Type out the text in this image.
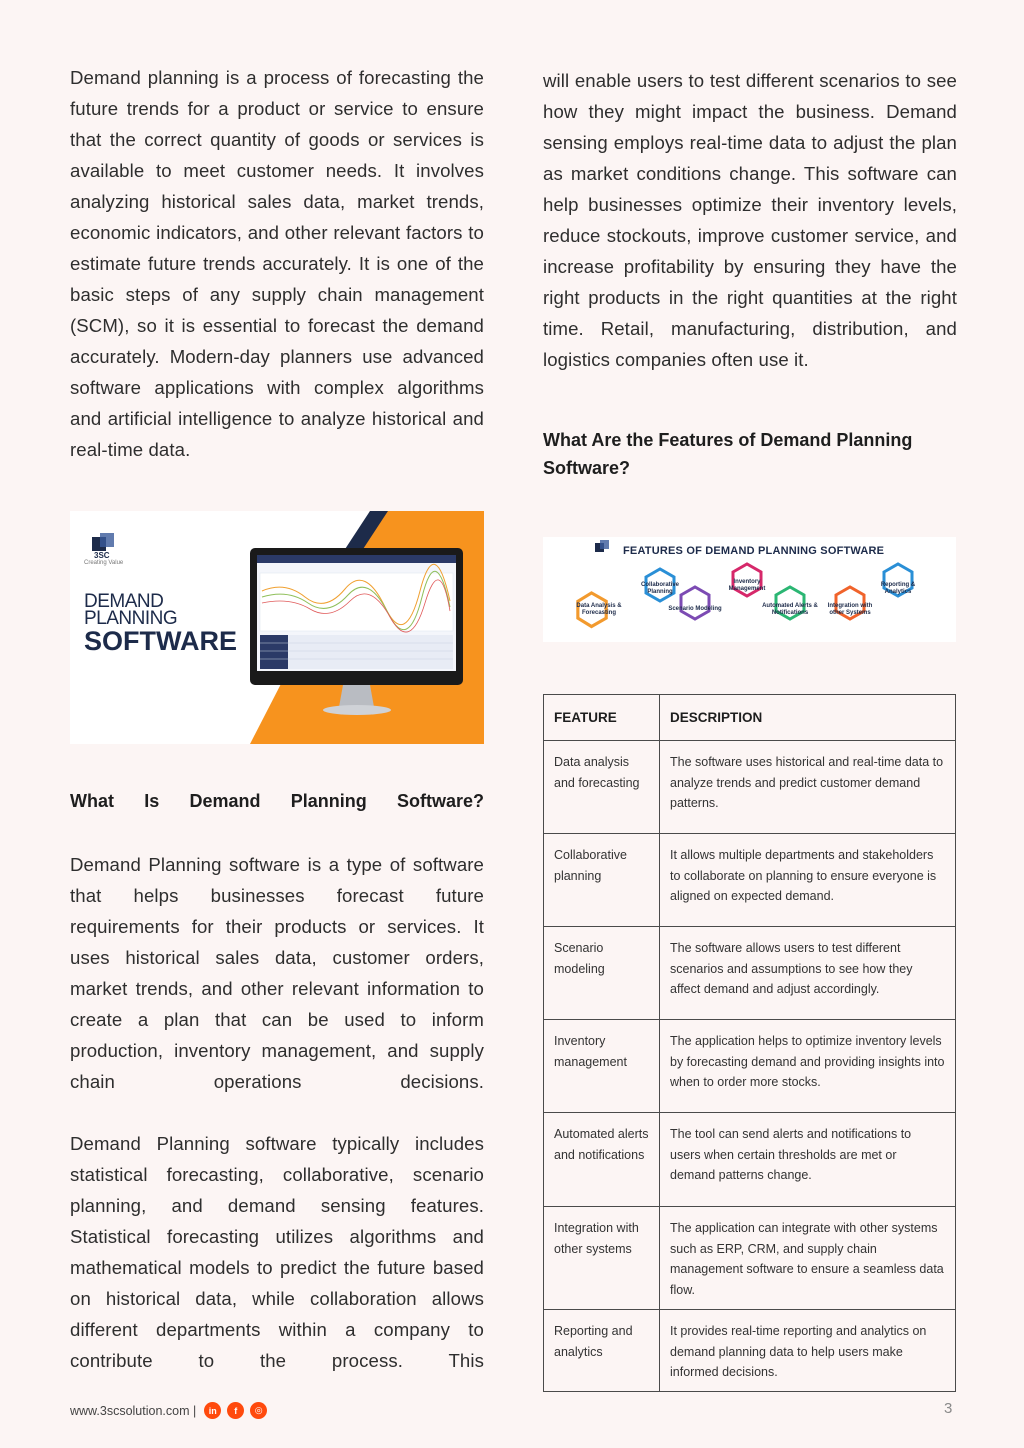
Demand planning is a process of forecasting the future trends for a product or service to ensure that the correct quantity of goods or services is available to meet customer needs. It involves analyzing historical sales data, market trends, economic indicators, and other relevant factors to estimate future trends accurately. It is one of the basic steps of any supply chain management (SCM), so it is essential to forecast the demand accurately. Modern-day planners use advanced software applications with complex algorithms and artificial intelligence to analyze historical and real-time data.

3SC
Creating Value
DEMAND
PLANNING
SOFTWARE

What Is Demand Planning Software?

Demand Planning software is a type of software that helps businesses forecast future requirements for their products or services. It uses historical sales data, customer orders, market trends, and other relevant information to create a plan that can be used to inform production, inventory management, and supply chain operations decisions.

Demand Planning software typically includes statistical forecasting, collaborative, scenario planning, and demand sensing features. Statistical forecasting utilizes algorithms and mathematical models to predict the future based on historical data, while collaboration allows different departments within a company to contribute to the process. This

will enable users to test different scenarios to see how they might impact the business. Demand sensing employs real-time data to adjust the plan as market conditions change. This software can help businesses optimize their inventory levels, reduce stockouts, improve customer service, and increase profitability by ensuring they have the right products in the right quantities at the right time. Retail, manufacturing, distribution, and logistics companies often use it.

What Are the Features of Demand Planning Software?

FEATURES OF DEMAND PLANNING SOFTWARE
Data Analysis & Forecasting
Collaborative Planning
Scenario Modeling
Inventory Management
Automated Alerts & Notifications
Integration with other Systems
Reporting & Analytics
FEATURE	DESCRIPTION
Data analysis and forecasting	The software uses historical and real-time data to analyze trends and predict customer demand patterns.
Collaborative planning	It allows multiple departments and stakeholders to collaborate on planning to ensure everyone is aligned on expected demand.
Scenario modeling	The software allows users to test different scenarios and assumptions to see how they affect demand and adjust accordingly.
Inventory management	The application helps to optimize inventory levels by forecasting demand and providing insights into when to order more stocks.
Automated alerts and notifications	The tool can send alerts and notifications to users when certain thresholds are met or demand patterns change.
Integration with other systems	The application can integrate with other systems such as ERP, CRM, and supply chain management software to ensure a seamless data flow.
Reporting and analytics	It provides real-time reporting and analytics on demand planning data to help users make informed decisions.
www.3scsolution.com |	in	f	◎	3
